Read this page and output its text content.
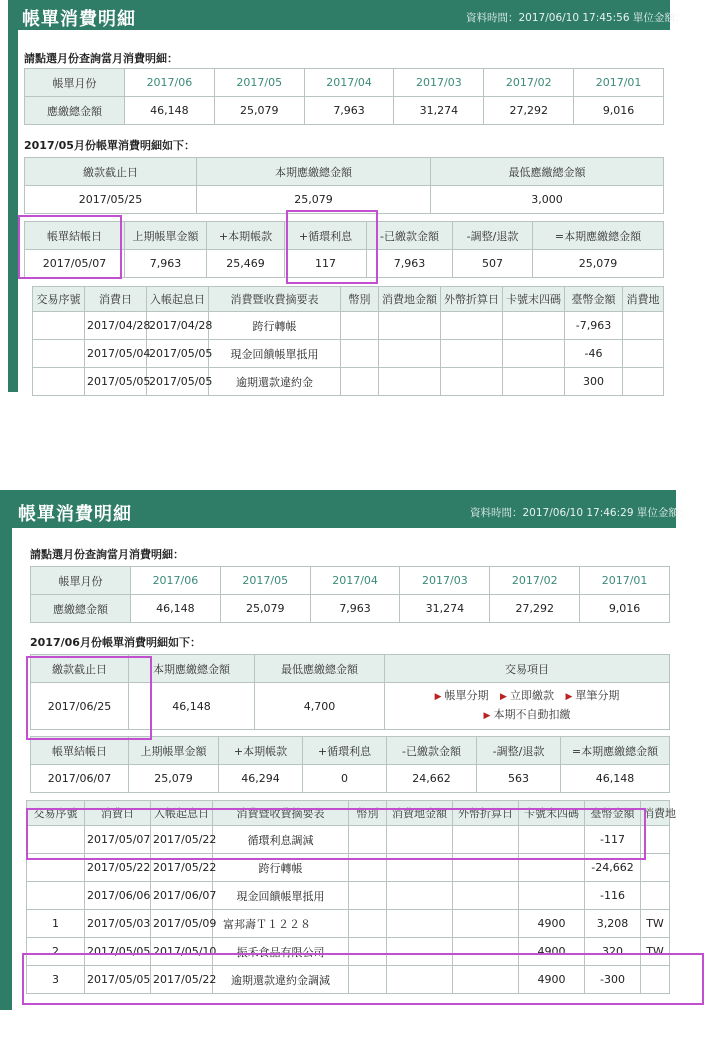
帳單消費明細	資料時間：2017/06/10 17:45:56 單位金額：
請點選月份查詢當月消費明細：
帳單月份	2017/06	2017/05	2017/04	2017/03	2017/02	2017/01
應繳總金額	46,148	25,079	7,963	31,274	27,292	9,016
2017/05月份帳單消費明細如下：
繳款截止日	本期應繳總金額	最低應繳總金額
2017/05/25	25,079	3,000
帳單結帳日	上期帳單金額	+本期帳款	+循環利息	-已繳款金額	-調整/退款	=本期應繳總金額
2017/05/07	7,963	25,469	117	7,963	507	25,079
交易序號	消費日	入帳起息日	消費暨收費摘要表	幣別	消費地金額	外幣折算日	卡號末四碼	臺幣金額	消費地
	2017/04/28	2017/04/28	跨行轉帳					-7,963	
	2017/05/04	2017/05/05	現金回饋帳單抵用					-46	
	2017/05/05	2017/05/05	逾期還款違約金					300	
帳單消費明細	資料時間：2017/06/10 17:46:29 單位金額：
請點選月份查詢當月消費明細：
帳單月份	2017/06	2017/05	2017/04	2017/03	2017/02	2017/01
應繳總金額	46,148	25,079	7,963	31,274	27,292	9,016
2017/06月份帳單消費明細如下：
繳款截止日	本期應繳總金額	最低應繳總金額	交易項目
2017/06/25	46,148	4,700	▶ 帳單分期 ▶ 立即繳款 ▶ 單筆分期
▶ 本期不自動扣繳
帳單結帳日	上期帳單金額	+本期帳款	+循環利息	-已繳款金額	-調整/退款	=本期應繳總金額
2017/06/07	25,079	46,294	0	24,662	563	46,148
交易序號	消費日	入帳起息日	消費暨收費摘要表	幣別	消費地金額	外幣折算日	卡號末四碼	臺幣金額	消費地
	2017/05/07	2017/05/22	循環利息調減					-117	
	2017/05/22	2017/05/22	跨行轉帳					-24,662	
	2017/06/06	2017/06/07	現金回饋帳單抵用					-116	
1	2017/05/03	2017/05/09	富邦壽Ｔ１２２８				4900	3,208	TW
2	2017/05/05	2017/05/10	振禾食品有限公司				4900	320	TW
3	2017/05/05	2017/05/22	逾期還款違約金調減				4900	-300	
